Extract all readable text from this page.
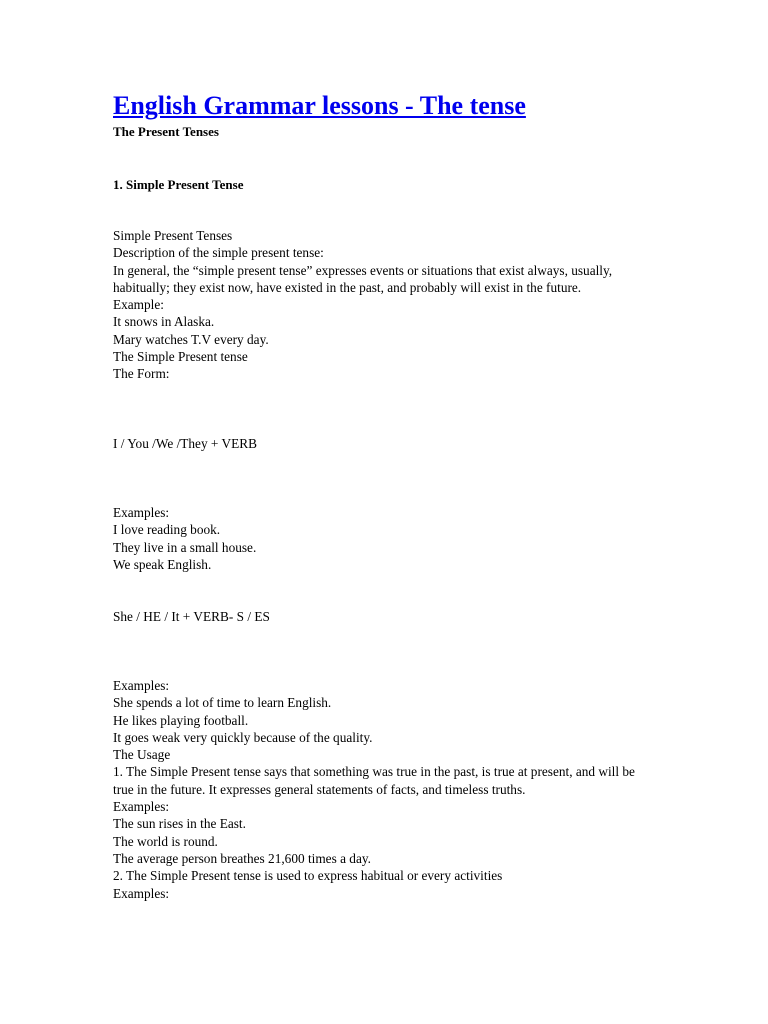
English Grammar lessons - The tense

The Present Tenses

1. Simple Present Tense

Simple Present Tenses
Description of the simple present tense:
In general, the “simple present tense” expresses events or situations that exist always, usually, habitually; they exist now, have existed in the past, and probably will exist in the future.
Example:
It snows in Alaska.
Mary watches T.V every day.
The Simple Present tense
The Form:
I / You /We /They + VERB
Examples:
I love reading book.
They live in a small house.
We speak English.
She / HE / It + VERB- S / ES
Examples:
She spends a lot of time to learn English.
He likes playing football.
It goes weak very quickly because of the quality.
The Usage
1. The Simple Present tense says that something was true in the past, is true at present, and will be true in the future. It expresses general statements of facts, and timeless truths.
Examples:
The sun rises in the East.
The world is round.
The average person breathes 21,600 times a day.
2. The Simple Present tense is used to express habitual or every activities
Examples:
